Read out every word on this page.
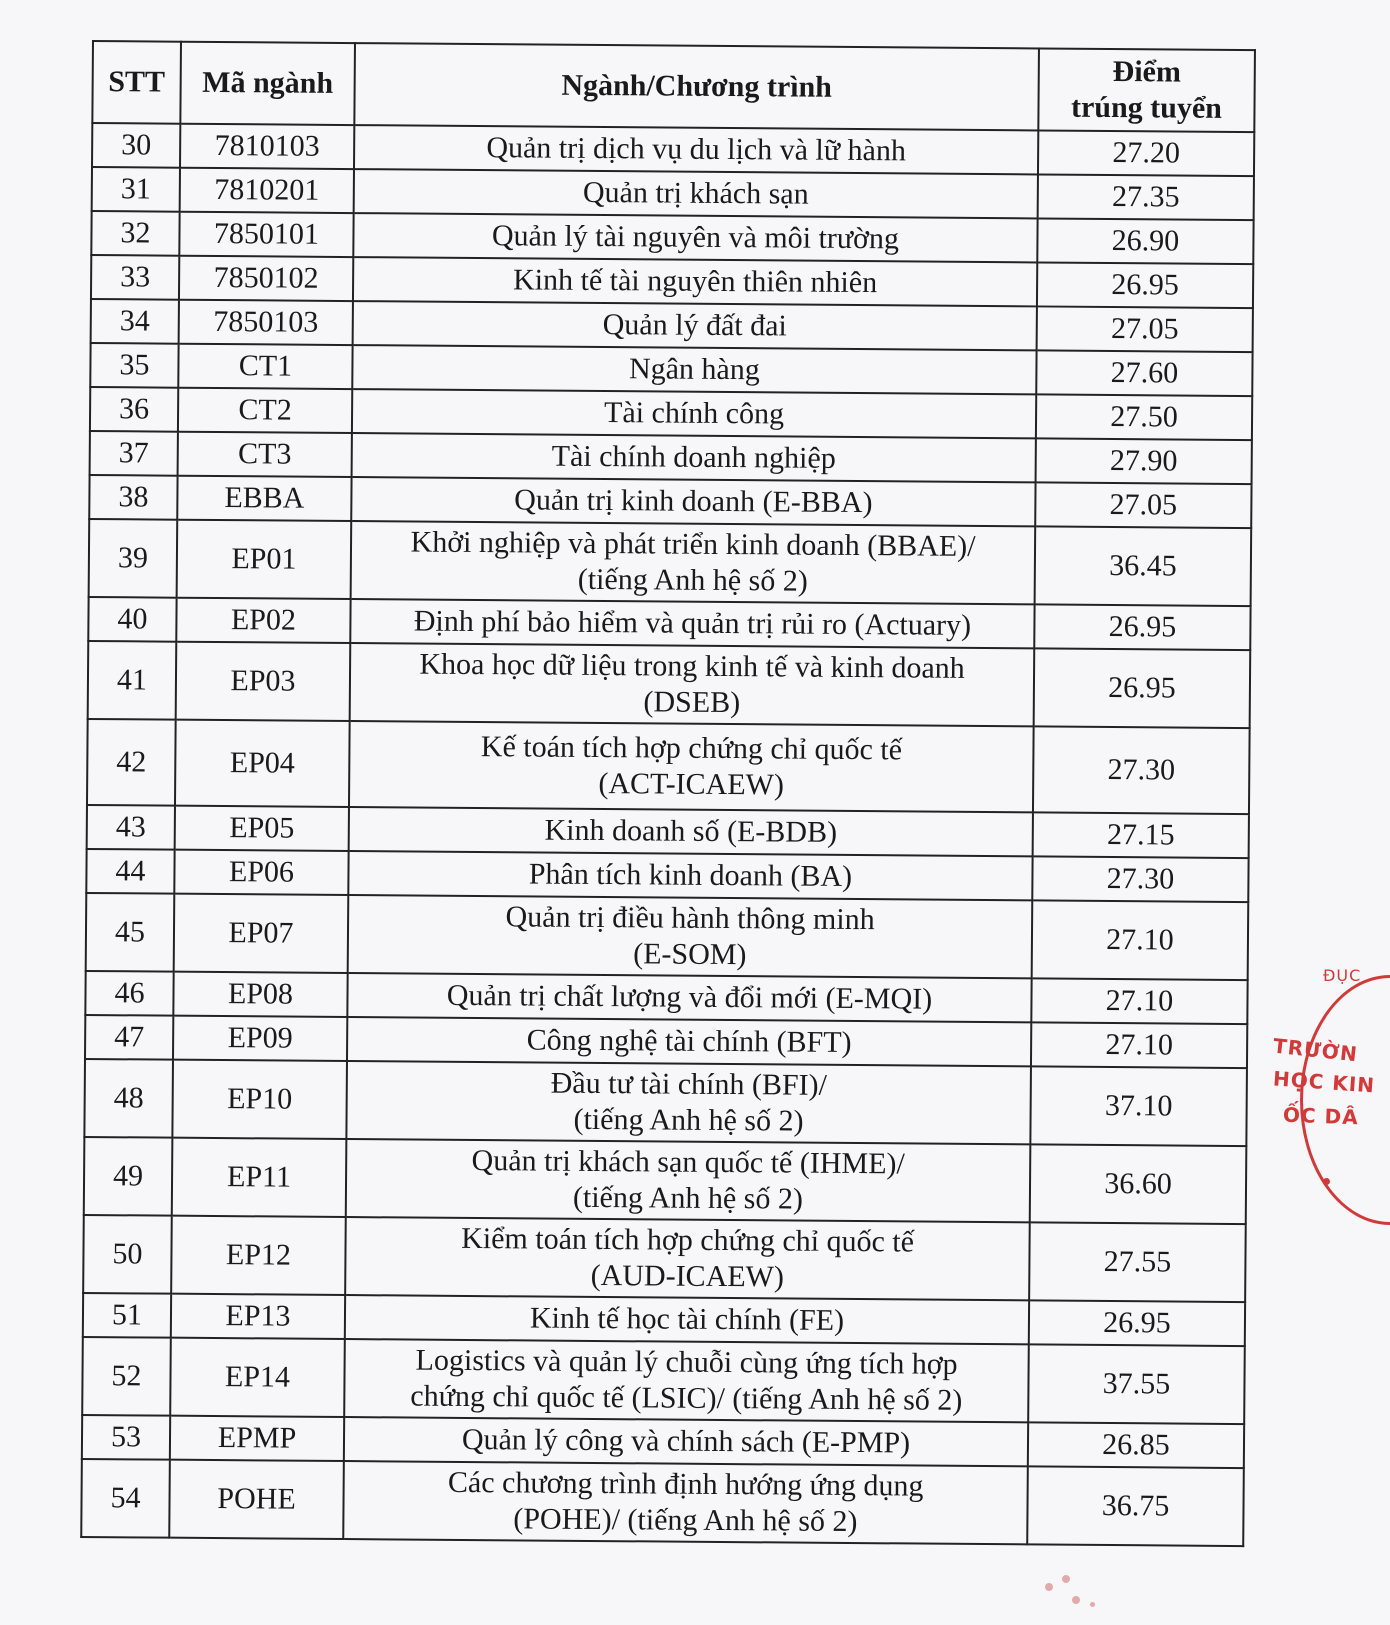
STT	Mã ngành	Ngành/Chương trình	Điểm
trúng tuyển

30	7810103	Quản trị dịch vụ du lịch và lữ hành	27.20
31	7810201	Quản trị khách sạn	27.35
32	7850101	Quản lý tài nguyên và môi trường	26.90
33	7850102	Kinh tế tài nguyên thiên nhiên	26.95
34	7850103	Quản lý đất đai	27.05
35	CT1	Ngân hàng	27.60
36	CT2	Tài chính công	27.50
37	CT3	Tài chính doanh nghiệp	27.90
38	EBBA	Quản trị kinh doanh (E-BBA)	27.05
39	EP01	Khởi nghiệp và phát triển kinh doanh (BBAE)/
(tiếng Anh hệ số 2)	36.45
40	EP02	Định phí bảo hiểm và quản trị rủi ro (Actuary)	26.95
41	EP03	Khoa học dữ liệu trong kinh tế và kinh doanh
(DSEB)	26.95
42	EP04	Kế toán tích hợp chứng chỉ quốc tế
(ACT-ICAEW)	27.30
43	EP05	Kinh doanh số (E-BDB)	27.15
44	EP06	Phân tích kinh doanh (BA)	27.30
45	EP07	Quản trị điều hành thông minh
(E-SOM)	27.10
46	EP08	Quản trị chất lượng và đổi mới (E-MQI)	27.10
47	EP09	Công nghệ tài chính (BFT)	27.10
48	EP10	Đầu tư tài chính (BFI)/
(tiếng Anh hệ số 2)	37.10
49	EP11	Quản trị khách sạn quốc tế (IHME)/
(tiếng Anh hệ số 2)	36.60
50	EP12	Kiểm toán tích hợp chứng chỉ quốc tế
(AUD-ICAEW)	27.55
51	EP13	Kinh tế học tài chính (FE)	26.95
52	EP14	Logistics và quản lý chuỗi cùng ứng tích hợp
chứng chỉ quốc tế (LSIC)/ (tiếng Anh hệ số 2)	37.55
53	EPMP	Quản lý công và chính sách (E-PMP)	26.85
54	POHE	Các chương trình định hướng ứng dụng
(POHE)/ (tiếng Anh hệ số 2)	36.75
ĐỤC
TRƯỜN
HỌC KIN
ỐC DÂ
